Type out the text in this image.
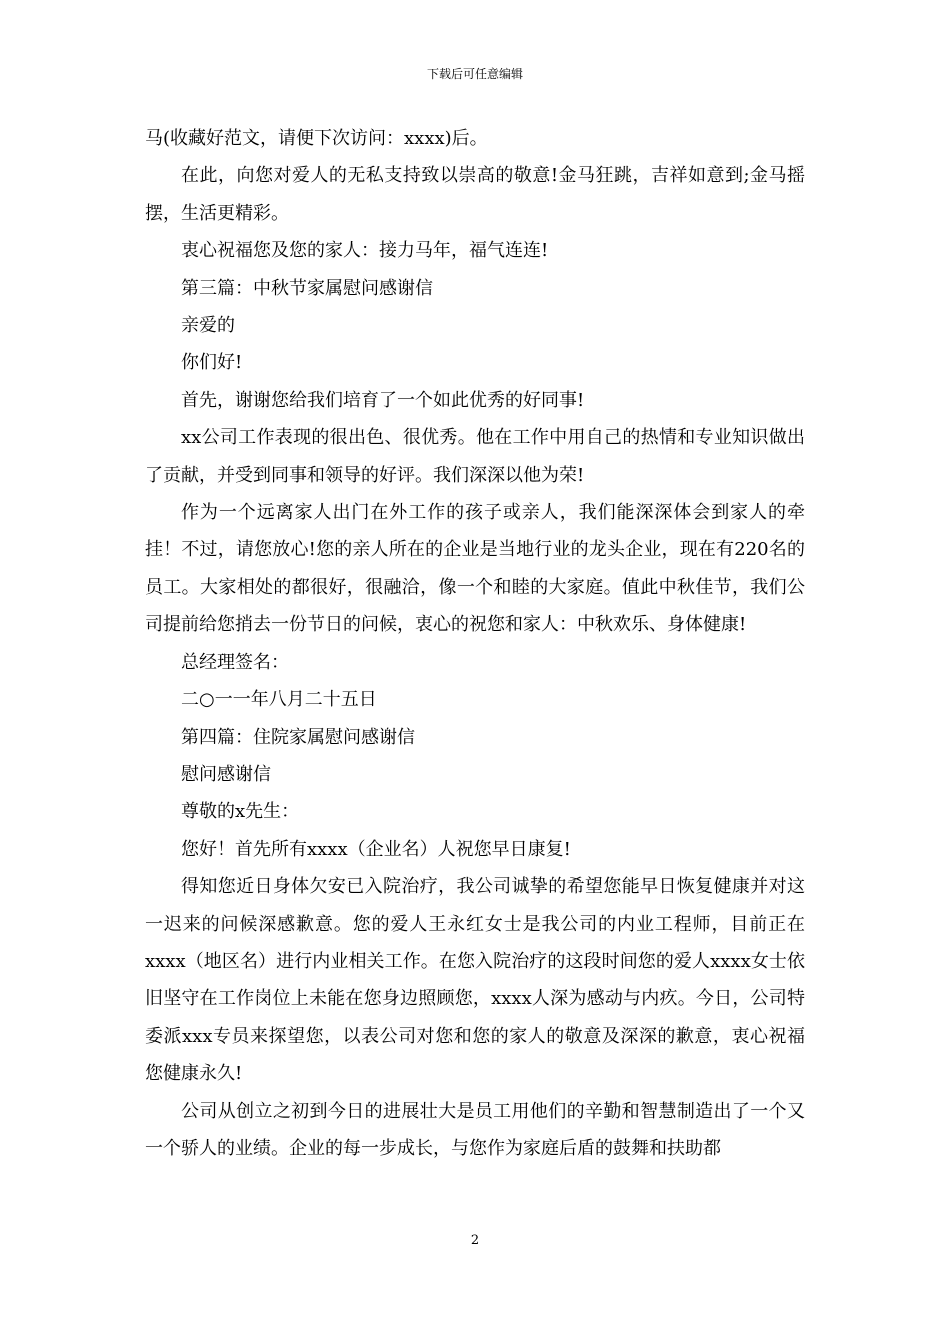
下载后可任意编辑

马(收藏好范文，请便下次访问：xxxx)后。

在此，向您对爱人的无私支持致以崇高的敬意!金马狂跳，吉祥如意到;金马摇摆，生活更精彩。

衷心祝福您及您的家人：接力马年，福气连连!

第三篇：中秋节家属慰问感谢信

亲爱的

你们好!

首先，谢谢您给我们培育了一个如此优秀的好同事!

xx公司工作表现的很出色、很优秀。他在工作中用自己的热情和专业知识做出了贡献，并受到同事和领导的好评。我们深深以他为荣!

作为一个远离家人出门在外工作的孩子或亲人，我们能深深体会到家人的牵挂！不过，请您放心!您的亲人所在的企业是当地行业的龙头企业，现在有220名的员工。大家相处的都很好，很融洽，像一个和睦的大家庭。值此中秋佳节，我们公司提前给您捎去一份节日的问候，衷心的祝您和家人：中秋欢乐、身体健康!

总经理签名：

二○一一年八月二十五日

第四篇：住院家属慰问感谢信

慰问感谢信

尊敬的x先生：

您好！首先所有xxxx（企业名）人祝您早日康复!

得知您近日身体欠安已入院治疗，我公司诚挚的希望您能早日恢复健康并对这一迟来的问候深感歉意。您的爱人王永红女士是我公司的内业工程师，目前正在xxxx（地区名）进行内业相关工作。在您入院治疗的这段时间您的爱人xxxx女士依旧坚守在工作岗位上未能在您身边照顾您，xxxx人深为感动与内疚。今日，公司特委派xxx专员来探望您，以表公司对您和您的家人的敬意及深深的歉意，衷心祝福您健康永久!

公司从创立之初到今日的进展壮大是员工用他们的辛勤和智慧制造出了一个又一个骄人的业绩。企业的每一步成长，与您作为家庭后盾的鼓舞和扶助都

2
